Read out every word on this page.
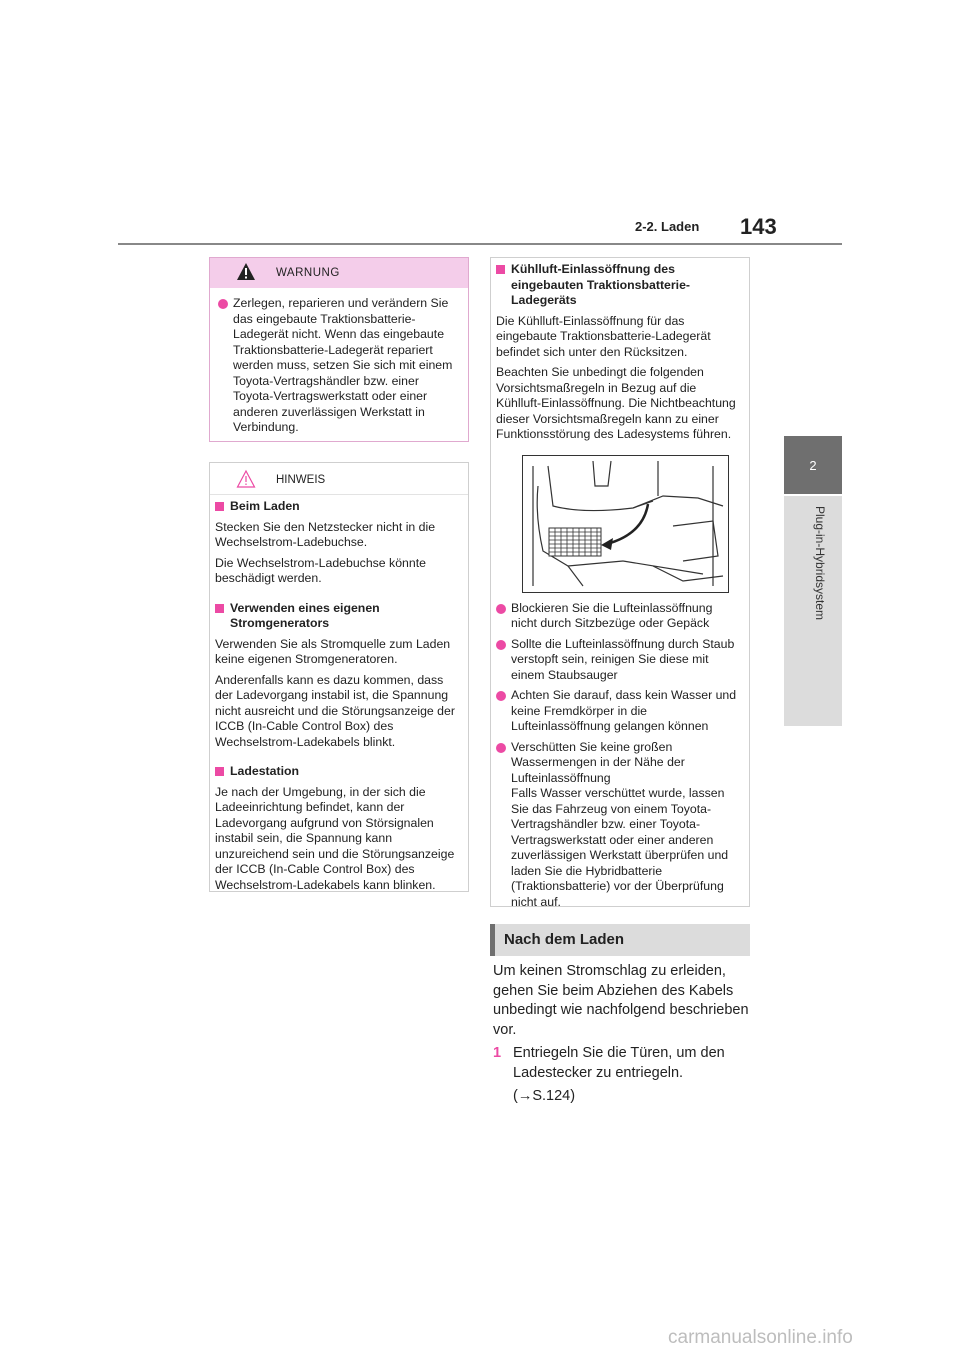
2-2. Laden 143
2
Plug-in-Hybridsystem
WARNUNG
Zerlegen, reparieren und verändern Sie das eingebaute Traktionsbatterie-Ladegerät nicht. Wenn das eingebaute Traktionsbatterie-Ladegerät repariert werden muss, setzen Sie sich mit einem Toyota-Vertragshändler bzw. einer Toyota-Vertragswerkstatt oder einer anderen zuverlässigen Werkstatt in Verbindung.
HINWEIS
Beim Laden
Stecken Sie den Netzstecker nicht in die Wechselstrom-Ladebuchse.
Die Wechselstrom-Ladebuchse könnte beschädigt werden.
Verwenden eines eigenen Stromgenerators
Verwenden Sie als Stromquelle zum Laden keine eigenen Stromgeneratoren.
Anderenfalls kann es dazu kommen, dass der Ladevorgang instabil ist, die Spannung nicht ausreicht und die Störungsanzeige der ICCB (In-Cable Control Box) des Wechselstrom-Ladekabels blinkt.
Ladestation
Je nach der Umgebung, in der sich die Ladeeinrichtung befindet, kann der Ladevorgang aufgrund von Störsignalen instabil sein, die Spannung kann unzureichend sein und die Störungsanzeige der ICCB (In-Cable Control Box) des Wechselstrom-Ladekabels kann blinken.
Kühlluft-Einlassöffnung des eingebauten Traktionsbatterie-Ladegeräts
Die Kühlluft-Einlassöffnung für das eingebaute Traktionsbatterie-Ladegerät befindet sich unter den Rücksitzen.
Beachten Sie unbedingt die folgenden Vorsichtsmaßregeln in Bezug auf die Kühlluft-Einlassöffnung. Die Nichtbeachtung dieser Vorsichtsmaßregeln kann zu einer Funktionsstörung des Ladesystems führen.
Blockieren Sie die Lufteinlassöffnung nicht durch Sitzbezüge oder Gepäck
Sollte die Lufteinlassöffnung durch Staub verstopft sein, reinigen Sie diese mit einem Staubsauger
Achten Sie darauf, dass kein Wasser und keine Fremdkörper in die Lufteinlassöffnung gelangen können
Verschütten Sie keine großen Wassermengen in der Nähe der Lufteinlassöffnung
Falls Wasser verschüttet wurde, lassen Sie das Fahrzeug von einem Toyota-Vertragshändler bzw. einer Toyota-Vertragswerkstatt oder einer anderen zuverlässigen Werkstatt überprüfen und laden Sie die Hybridbatterie (Traktionsbatterie) vor der Überprüfung nicht auf.
Nach dem Laden
Um keinen Stromschlag zu erleiden, gehen Sie beim Abziehen des Kabels unbedingt wie nachfolgend beschrieben vor.
1 Entriegeln Sie die Türen, um den Ladestecker zu entriegeln.
(→S.124)
carmanualsonline.info
